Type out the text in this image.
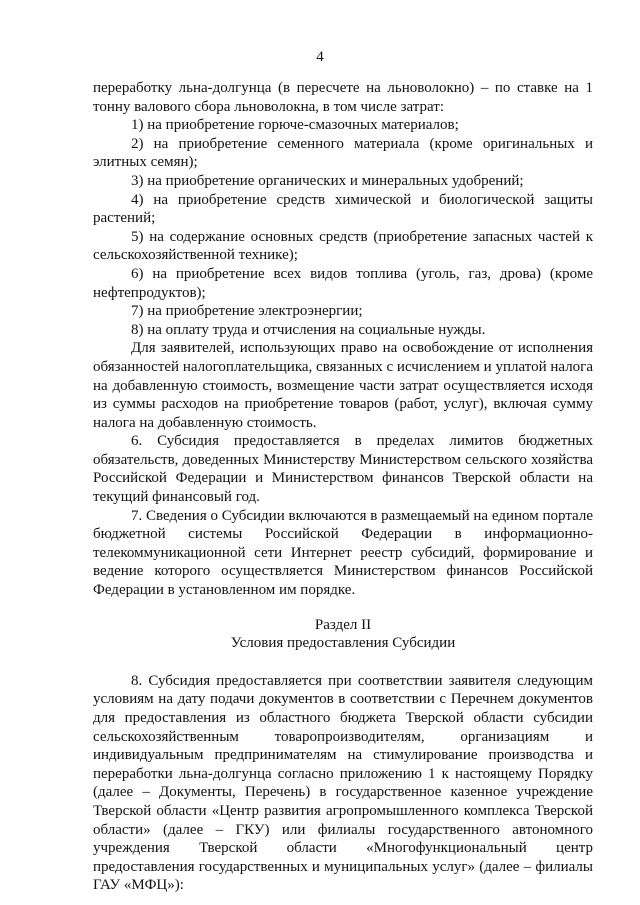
4

переработку льна-долгунца (в пересчете на льноволокно) – по ставке на 1 тонну валового сбора льноволокна, в том числе затрат:

1) на приобретение горюче-смазочных материалов;

2) на приобретение семенного материала (кроме оригинальных и элитных семян);

3) на приобретение органических и минеральных удобрений;

4) на приобретение средств химической и биологической защиты растений;

5) на содержание основных средств (приобретение запасных частей к сельскохозяйственной технике);

6) на приобретение всех видов топлива (уголь, газ, дрова) (кроме нефтепродуктов);

7) на приобретение электроэнергии;

8) на оплату труда и отчисления на социальные нужды.

Для заявителей, использующих право на освобождение от исполнения обязанностей налогоплательщика, связанных с исчислением и уплатой налога на добавленную стоимость, возмещение части затрат осуществляется исходя из суммы расходов на приобретение товаров (работ, услуг), включая сумму налога на добавленную стоимость.

6. Субсидия предоставляется в пределах лимитов бюджетных обязательств, доведенных Министерству Министерством сельского хозяйства Российской Федерации и Министерством финансов Тверской области на текущий финансовый год.

7. Сведения о Субсидии включаются в размещаемый на едином портале бюджетной системы Российской Федерации в информационно-телекоммуникационной сети Интернет реестр субсидий, формирование и ведение которого осуществляется Министерством финансов Российской Федерации в установленном им порядке.

Раздел II

Условия предоставления Субсидии

8. Субсидия предоставляется при соответствии заявителя следующим условиям на дату подачи документов в соответствии с Перечнем документов для предоставления из областного бюджета Тверской области субсидии сельскохозяйственным товаропроизводителям, организациям и индивидуальным предпринимателям на стимулирование производства и переработки льна-долгунца согласно приложению 1 к настоящему Порядку (далее – Документы, Перечень) в государственное казенное учреждение Тверской области «Центр развития агропромышленного комплекса Тверской области» (далее – ГКУ) или филиалы государственного автономного учреждения Тверской области «Многофункциональный центр предоставления государственных и муниципальных услуг» (далее – филиалы ГАУ «МФЦ»):
